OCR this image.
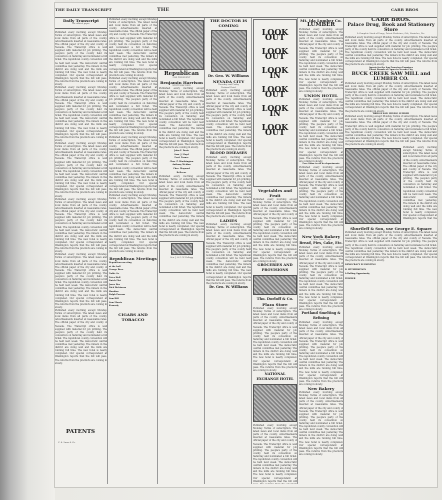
THE DAILY TRANSCRIPT	THE	CARR BROS
Daily Transcript
the official paper
Published every morning except Monday. Terms of subscription. The latest news and local items from all parts of the county. Advertisements inserted at reasonable rates. The official paper of the city and county of Nevada. The Transcript office is well supplied with material for job printing. The people's party of the county held its convention on Saturday and nominated a full ticket. The republican county convention will be held next week. The democratic central committee met yesterday. The miners in the district are doing well and the mills are running full time. The new hotel is nearly completed. Our special correspondent at Washington reports that the bill will pass. The returns from the precincts are coming in slowly.
Published every morning except Monday. Terms of subscription. The latest news and local items from all parts of the county. Advertisements inserted at reasonable rates. The official paper of the city and county of Nevada. The Transcript office is well supplied with material for job printing. The people's party of the county held its convention on Saturday and nominated a full ticket. The republican county convention will be held next week. The democratic central committee met yesterday. The miners in the district are doing well and the mills are running full time. The new hotel is nearly completed. Our special correspondent at Washington reports that the bill will pass. The returns from the precincts are coming in slowly.
Published every morning except Monday. Terms of subscription. The latest news and local items from all parts of the county. Advertisements inserted at reasonable rates. The official paper of the city and county of Nevada. The Transcript office is well supplied with material for job printing. The people's party of the county held its convention on Saturday and nominated a full ticket. The republican county convention will be held next week. The democratic central committee met yesterday. The miners in the district are doing well and the mills are running full time. The new hotel is nearly completed. Our special correspondent at Washington reports that the bill will pass. The returns from the precincts are coming in slowly.
Published every morning except Monday. Terms of subscription. The latest news and local items from all parts of the county. Advertisements inserted at reasonable rates. The official paper of the city and county of Nevada. The Transcript office is well supplied with material for job printing. The people's party of the county held its convention on Saturday and nominated a full ticket. The republican county convention will be held next week. The democratic central committee met yesterday. The miners in the district are doing well and the mills are running full time. The new hotel is nearly completed. Our special correspondent at Washington reports that the bill will pass. The returns from the precincts are coming in slowly.
Published every morning except Monday. Terms of subscription. The latest news and local items from all parts of the county. Advertisements inserted at reasonable rates. The official paper of the city and county of Nevada. The Transcript office is well supplied with material for job printing. The people's party of the county held its convention on Saturday and nominated a full ticket. The republican county convention will be held next week. The democratic central committee met yesterday. The miners in the district are doing well and the mills are running full time. The new hotel is nearly completed. Our special correspondent at Washington reports that the bill will pass. The returns from the precincts are coming in slowly.
Published every morning except Monday. Terms of subscription. The latest news and local items from all parts of the county. Advertisements inserted at reasonable rates. The official paper of the city and county of Nevada. The Transcript office is well supplied with material for job printing. The people's party of the county held its convention on Saturday and nominated a full ticket. The republican county convention will be held next week. The democratic central committee met yesterday. The miners in the district are doing well and the mills are running full time. The new hotel is nearly completed. Our special correspondent at Washington reports that the bill will pass. The returns from the precincts are coming in slowly.
PATENTS
C. A. Snow & Co.
Published every morning except Monday. Terms of subscription. The latest news and local items from all parts of the county. Advertisements inserted at reasonable rates. The official paper of the city and county of Nevada. The Transcript office is well supplied with material for job printing. The people's party of the county held its convention on Saturday and nominated a full ticket. The republican county convention will be held next week. The democratic central committee met yesterday. The miners in the district are doing well and the mills are running full time. The new hotel is nearly completed. Our special correspondent at Washington reports that the bill will pass. The returns from the precincts are coming in slowly.
Published every morning except Monday. Terms of subscription. The latest news and local items from all parts of the county. Advertisements inserted at reasonable rates. The official paper of the city and county of Nevada. The Transcript office is well supplied with material for job printing. The people's party of the county held its convention on Saturday and nominated a full ticket. The republican county convention will be held next week. The democratic central committee met yesterday. The miners in the district are doing well and the mills are running full time. The new hotel is nearly completed. Our special correspondent at Washington reports that the bill will pass. The returns from the precincts are coming in slowly.
Published every morning except Monday. Terms of subscription. The latest news and local items from all parts of the county. Advertisements inserted at reasonable rates. The official paper of the city and county of Nevada. The Transcript office is well supplied with material for job printing. The people's party of the county held its convention on Saturday and nominated a full ticket. The republican county convention will be held next week. The democratic central committee met yesterday. The miners in the district are doing well and the mills are running full time. The new hotel is nearly completed. Our special correspondent at Washington reports that the bill will pass. The returns from the precincts are coming in slowly.
Published every morning except Monday. Terms of subscription. The latest news and local items from all parts of the county. Advertisements inserted at reasonable rates. The official paper of the city and county of Nevada. The Transcript office is well supplied with material for job printing. The people's party of the county held its convention on Saturday and nominated a full ticket. The republican county convention will be held next week. The democratic central committee met yesterday. The miners in the district are doing well and the mills are running full time. The new hotel is nearly completed. Our special correspondent at Washington reports that the bill will pass. The returns from the precincts are coming in slowly.
Republican Meetings
Republican meeting
at the hall
George Bros.
Noble Sr.
Estes Hall
Dutch Flat
Jones Bar
Dick Dickinson
Hawkins
Ralph Parsons
Sam Hill
Sam Morris
Kennedy
CIGARS AND TOBACCO
Republican
FOR PRESIDENT
Benjamin Harrison
WHITELAW REID
Published every morning except Monday. Terms of subscription. The latest news and local items from all parts of the county. Advertisements inserted at reasonable rates. The official paper of the city and county of Nevada. The Transcript office is well supplied with material for job printing. The people's party of the county held its convention on Saturday and nominated a full ticket. The republican county convention will be held next week. The democratic central committee met yesterday. The miners in the district are doing well and the mills are running full time. The new hotel is nearly completed. Our special correspondent at Washington reports that the bill will pass. The returns from the precincts are coming in slowly.
John F. Davis
Sam. J. Lloyd
Fred. Turner
Chas. P. Worthington
Anthony Weldon
Chas. Maynard
Bellevue
Published every morning except Monday. Terms of subscription. The latest news and local items from all parts of the county. Advertisements inserted at reasonable rates. The official paper of the city and county of Nevada. The Transcript office is well supplied with material for job printing. The people's party of the county held its convention on Saturday and nominated a full ticket. The republican county convention will be held next week. The democratic central committee met yesterday. The miners in the district are doing well and the mills are running full time. The new hotel is nearly completed. Our special correspondent at Washington reports that the bill will pass. The returns from the precincts are coming in slowly.
Gen. J. & G. W. Kellogg
THE DOCTOR IS COMING
Dr. Geo. W. Williams
NEVADA CITY
Thursday and Friday
National Hotel
Published every morning except Monday. Terms of subscription. The latest news and local items from all parts of the county. Advertisements inserted at reasonable rates. The official paper of the city and county of Nevada. The Transcript office is well supplied with material for job printing. The people's party of the county held its convention on Saturday and nominated a full ticket. The republican county convention will be held next week. The democratic central committee met yesterday. The miners in the district are doing well and the mills are running full time. The new hotel is nearly completed. Our special correspondent at Washington reports that the bill will pass. The returns from the precincts are coming in slowly.
BLOOD DISEASES
Published every morning except Monday. Terms of subscription. The latest news and local items from all parts of the county. Advertisements inserted at reasonable rates. The official paper of the city and county of Nevada. The Transcript office is well supplied with material for job printing. The people's party of the county held its convention on Saturday and nominated a full ticket. The republican county convention will be held next week. The democratic central committee met yesterday. The miners in the district are doing well and the mills are running full time. The new hotel is nearly completed. Our special correspondent at Washington reports that the bill will pass. The returns from the precincts are coming in slowly.
LADIES
Published every morning except Monday. Terms of subscription. The latest news and local items from all parts of the county. Advertisements inserted at reasonable rates. The official paper of the city and county of Nevada. The Transcript office is well supplied with material for job printing. The people's party of the county held its convention on Saturday and nominated a full ticket. The republican county convention will be held next week. The democratic central committee met yesterday. The miners in the district are doing well and the mills are running full time. The new hotel is nearly completed. Our special correspondent at Washington reports that the bill will pass. The returns from the precincts are coming in slowly.
Dr. Geo. W. Williams
LOOK OUT
LOOK OUT
LOOK IN
LOOK OUT
LOOK IN
LOOK OUT
Vegetables and Fruit
Published every morning except Monday. Terms of subscription. The latest news and local items from all parts of the county. Advertisements inserted at reasonable rates. The official paper of the city and county of Nevada. The Transcript office is well supplied with material for job printing. The people's party of the county held its convention on Saturday and nominated a full ticket. The republican county convention will be held next week. The democratic central committee met yesterday. The miners in the district are doing well and the mills are running full time. The new hotel is nearly completed. Our special correspondent at Washington reports that the bill will pass. The returns from the precincts are coming in slowly.
GROCERIES AND PROVISIONS
Tho. Dorloff & Co.
Plaza Store
Published every morning except Monday. Terms of subscription. The latest news and local items from all parts of the county. Advertisements inserted at reasonable rates. The official paper of the city and county of Nevada. The Transcript office is well supplied with material for job printing. The people's party of the county held its convention on Saturday and nominated a full ticket. The republican county convention will be held next week. The democratic central committee met yesterday. The miners in the district are doing well and the mills are running full time. The new hotel is nearly completed. Our special correspondent at Washington reports that the bill will pass. The returns from the precincts are coming in slowly.
NATIONAL EXCHANGE HOTEL
Published every morning except Monday. Terms of subscription. The latest news and local items from all parts of the county. Advertisements inserted at reasonable rates. The official paper of the city and county of Nevada. The Transcript office is well supplied with material for job printing. The people's party of the county held its convention on Saturday and nominated a full ticket. The republican county convention will be held next week. The democratic central committee met yesterday. The miners in the district are doing well and the mills are running full time. The new hotel is nearly completed. Our special correspondent at Washington reports that the bill will
Mt. Ida Lumber Co.
LUMBER
Published every morning except Monday. Terms of subscription. The latest news and local items from all parts of the county. Advertisements inserted at reasonable rates. The official paper of the city and county of Nevada. The Transcript office is well supplied with material for job printing. The people's party of the county held its convention on Saturday and nominated a full ticket. The republican county convention will be held next week. The democratic central committee met yesterday. The miners in the district are doing well and the mills are running full time. The new hotel is nearly completed. Our special correspondent at Washington reports that the bill will pass. The returns from the precincts are coming in slowly.
UNION HOTEL
Published every morning except Monday. Terms of subscription. The latest news and local items from all parts of the county. Advertisements inserted at reasonable rates. The official paper of the city and county of Nevada. The Transcript office is well supplied with material for job printing. The people's party of the county held its convention on Saturday and nominated a full ticket. The republican county convention will be held next week. The democratic central committee met yesterday. The miners in the district are doing well and the mills are running full time. The new hotel is nearly completed. Our special correspondent at Washington reports that the bill will pass. The returns from the precincts are coming in slowly.
Free-Stone in all its departments
Published every morning except Monday. Terms of subscription. The latest news and local items from all parts of the county. Advertisements inserted at reasonable rates. The official paper of the city and county of Nevada. The Transcript office is well supplied with material for job printing. The people's party of the county held its convention on Saturday and nominated a full ticket. The republican county convention will be held next week. The democratic central committee met yesterday. The miners in the district are doing well and the mills are running full time. The new hotel is nearly completed. Our special correspondent at Washington reports that the bill will pass. The returns from the precincts are coming in slowly.
New York Bakery
L. Wm. Durst, Prop.
Bread, Pies, Cake, Etc.
Published every morning except Monday. Terms of subscription. The latest news and local items from all parts of the county. Advertisements inserted at reasonable rates. The official paper of the city and county of Nevada. The Transcript office is well supplied with material for job printing. The people's party of the county held its convention on Saturday and nominated a full ticket. The republican county convention will be held next week. The democratic central committee met yesterday. The miners in the district are doing well and the mills are running full time. The new hotel is nearly completed. Our special correspondent at Washington reports that the bill will pass. The returns from the precincts are coming in slowly.
Portland Smelting & Refining
Published every morning except Monday. Terms of subscription. The latest news and local items from all parts of the county. Advertisements inserted at reasonable rates. The official paper of the city and county of Nevada. The Transcript office is well supplied with material for job printing. The people's party of the county held its convention on Saturday and nominated a full ticket. The republican county convention will be held next week. The democratic central committee met yesterday. The miners in the district are doing well and the mills are running full time. The new hotel is nearly completed. Our special correspondent at Washington reports that the bill will pass. The returns from the precincts are coming in slowly.
New Bakery
Published every morning except Monday. Terms of subscription. The latest news and local items from all parts of the county. Advertisements inserted at reasonable rates. The official paper of the city and county of Nevada. The Transcript office is well supplied with material for job printing. The people's party of the county held its convention on Saturday and nominated a full ticket. The republican county convention will be held next week. The democratic central committee met yesterday. The miners in the district are doing well and the mills are running full time. The new hotel is nearly completed. Our special correspondent at Washington reports that the bill will pass. The returns from the precincts are coming in slowly.
CARR BROS.
Palace Drug, Book and Stationery Store
A Complete Stock of Drugs, Patent Medicines, Oils, Varnishes, Etc.
Published every morning except Monday. Terms of subscription. The latest news and local items from all parts of the county. Advertisements inserted at reasonable rates. The official paper of the city and county of Nevada. The Transcript office is well supplied with material for job printing. The people's party of the county held its convention on Saturday and nominated a full ticket. The republican county convention will be held next week. The democratic central committee met yesterday. The miners in the district are doing well and the mills are running full time. The new hotel is nearly completed. Our special correspondent at Washington reports that the bill will pass. The returns from the precincts are coming in slowly.
Agents for the San Francisco Examiner
Finest Brands of Cigars in Nevada City
BUCK CREEK SAW MILL and LUMBER CO.
Published every morning except Monday. Terms of subscription. The latest news and local items from all parts of the county. Advertisements inserted at reasonable rates. The official paper of the city and county of Nevada. The Transcript office is well supplied with material for job printing. The people's party of the county held its convention on Saturday and nominated a full ticket. The republican county convention will be held next week. The democratic central committee met yesterday. The miners in the district are doing well and the mills are running full time. The new hotel is nearly completed. Our special correspondent at Washington reports that the bill will pass. The returns from the precincts are coming in slowly.
BRIDGE AND MINING LUMBER
Published every morning except Monday. Terms of subscription. The latest news and local items from all parts of the county. Advertisements inserted at reasonable rates. The official paper of the city and county of Nevada. The Transcript office is well supplied with material for job printing. The people's party of the county held its convention on Saturday and nominated a full ticket. The republican county convention will be held next week. The democratic central committee met yesterday. The miners in the district are doing well and the mills are running full time. The new hotel is nearly completed. Our special correspondent at Washington reports that the bill will pass. The returns from the precincts are coming in slowly.
Published every morning except Monday. Terms of subscription. The latest news and local items from all parts of the county. Advertisements inserted at reasonable rates. The official paper of the city and county of Nevada. The Transcript office is well supplied with material for job printing. The people's party of the county held its convention on Saturday and nominated a full ticket. The republican county convention will be held next week. The democratic central committee met yesterday. The miners in the district are doing well and the mills are running full time. The new hotel is nearly completed. Our special correspondent at Washington reports that the
Shurtleff & Son, use George E. Square
Published every morning except Monday. Terms of subscription. The latest news and local items from all parts of the county. Advertisements inserted at reasonable rates. The official paper of the city and county of Nevada. The Transcript office is well supplied with material for job printing. The people's party of the county held its convention on Saturday and nominated a full ticket. The republican county convention will be held next week. The democratic central committee met yesterday. The miners in the district are doing well and the mills are running full time. The new hotel is nearly completed. Our special correspondent at Washington reports that the bill will pass. The returns from the precincts are coming in slowly.
DEMOCRACY IN PAINTING
R. WITHERSPOON
A Rolling Opportunity
POWDER
